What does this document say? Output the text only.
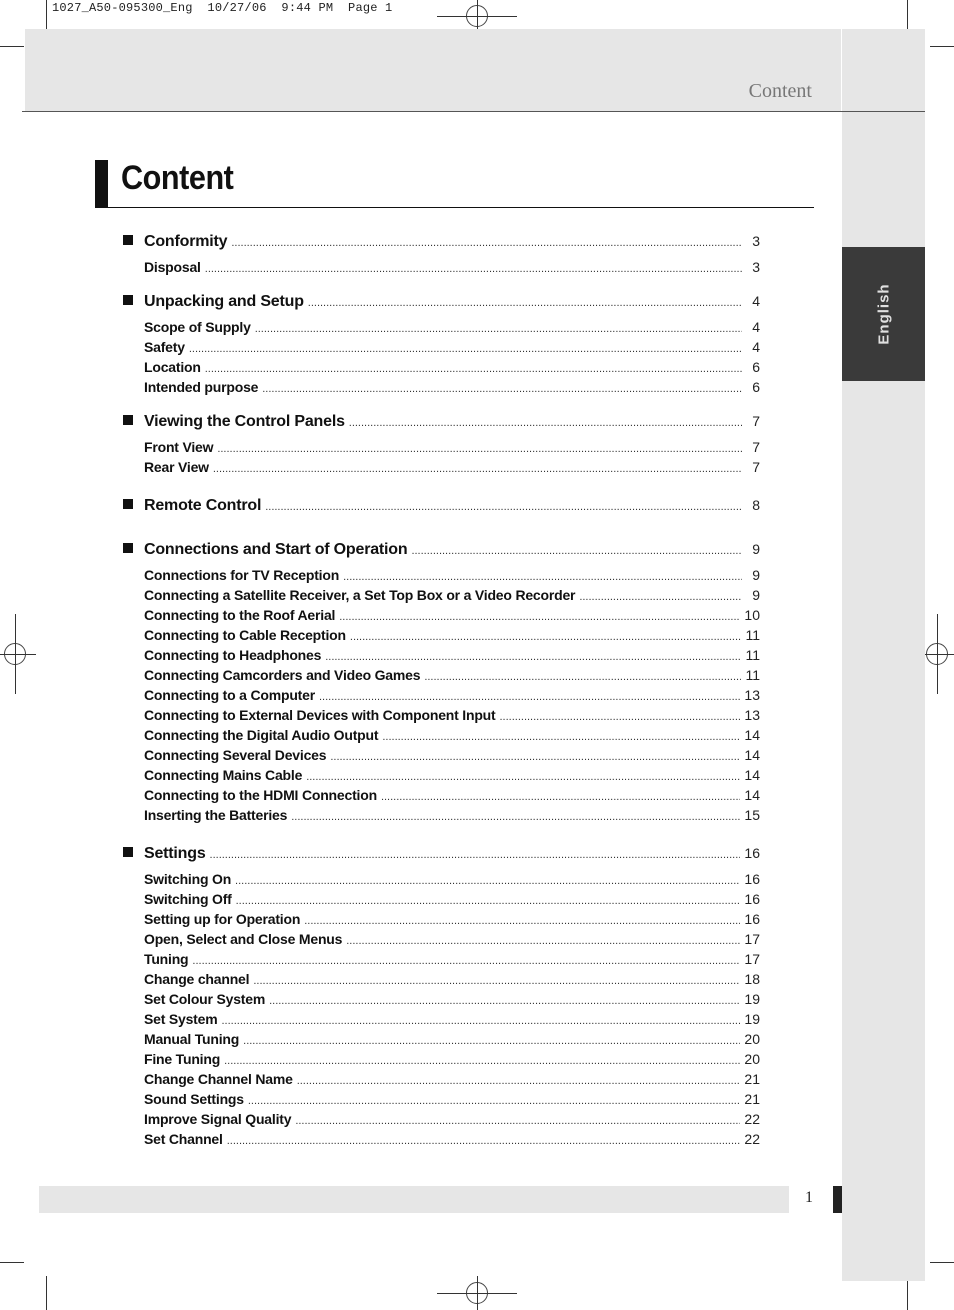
1027_A50-095300_Eng  10/27/06  9:44 PM  Page 1
Content
English
Content
Conformity .....	3
Disposal .....	3
Unpacking and Setup .....	4
Scope of Supply .....	4
Safety .....	4
Location .....	6
Intended purpose .....	6
Viewing the Control Panels .....	7
Front View .....	7
Rear View .....	7
Remote Control .....	8
Connections and Start of Operation .....	9
Connections for TV Reception .....	9
Connecting a Satellite Receiver, a Set Top Box or a Video Recorder .....	9
Connecting to the Roof Aerial .....	10
Connecting to Cable Reception .....	11
Connecting to Headphones .....	11
Connecting Camcorders and Video Games .....	11
Connecting to a Computer .....	13
Connecting to External Devices with Component Input .....	13
Connecting the Digital Audio Output .....	14
Connecting Several Devices .....	14
Connecting Mains Cable .....	14
Connecting to the HDMI Connection .....	14
Inserting the Batteries .....	15
Settings .....	16
Switching On .....	16
Switching Off .....	16
Setting up for Operation .....	16
Open, Select and Close Menus .....	17
Tuning .....	17
Change channel .....	18
Set Colour System .....	19
Set System .....	19
Manual Tuning .....	20
Fine Tuning .....	20
Change Channel Name .....	21
Sound Settings .....	21
Improve Signal Quality .....	22
Set Channel .....	22
1
